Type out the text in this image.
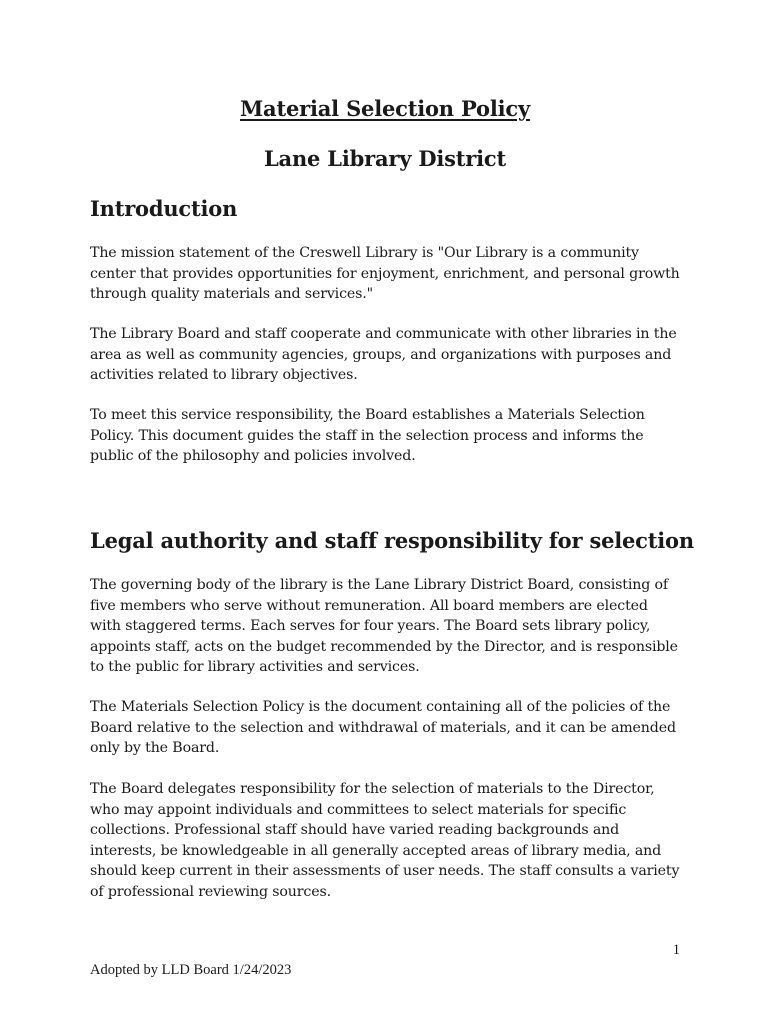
Material Selection Policy
Lane Library District
Introduction

The mission statement of the Creswell Library is "Our Library is a community center that provides opportunities for enjoyment, enrichment, and personal growth through quality materials and services."

The Library Board and staff cooperate and communicate with other libraries in the area as well as community agencies, groups, and organizations with purposes and activities related to library objectives.

To meet this service responsibility, the Board establishes a Materials Selection Policy. This document guides the staff in the selection process and informs the public of the philosophy and policies involved.

Legal authority and staff responsibility for selection

The governing body of the library is the Lane Library District Board, consisting of five members who serve without remuneration. All board members are elected with staggered terms. Each serves for four years. The Board sets library policy, appoints staff, acts on the budget recommended by the Director, and is responsible to the public for library activities and services.

The Materials Selection Policy is the document containing all of the policies of the Board relative to the selection and withdrawal of materials, and it can be amended only by the Board.

The Board delegates responsibility for the selection of materials to the Director, who may appoint individuals and committees to select materials for specific collections. Professional staff should have varied reading backgrounds and interests, be knowledgeable in all generally accepted areas of library media, and should keep current in their assessments of user needs. The staff consults a variety of professional reviewing sources.

1

Adopted by LLD Board 1/24/2023
